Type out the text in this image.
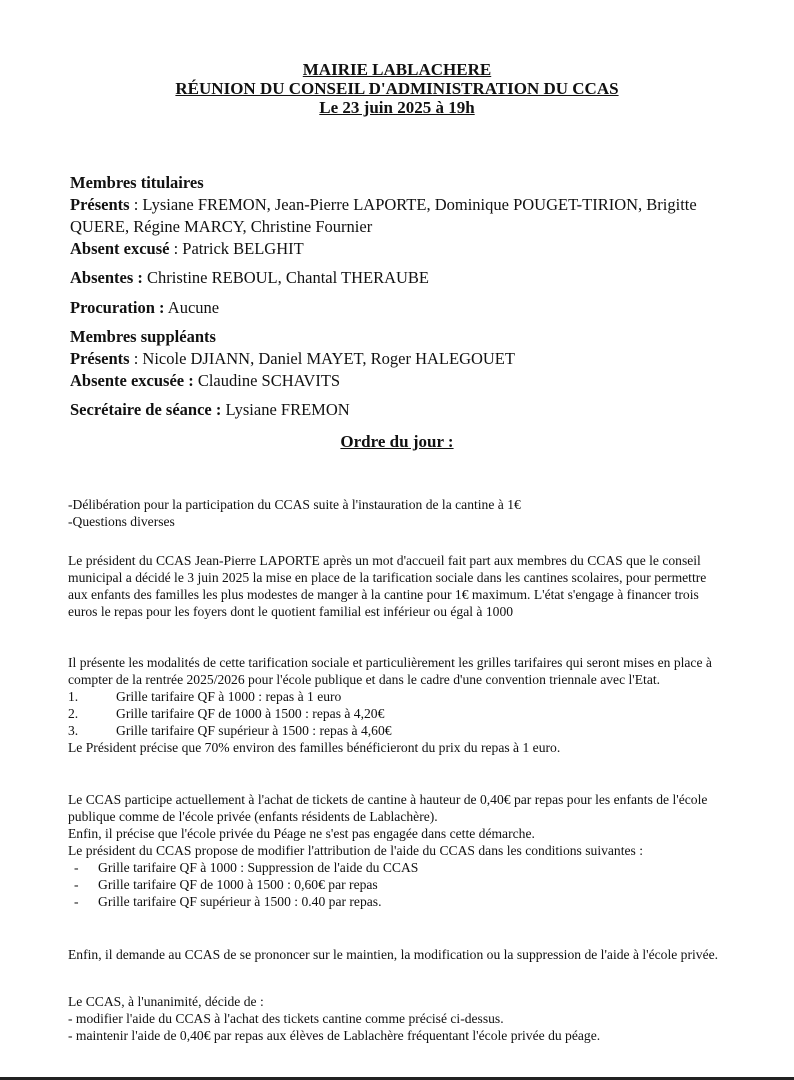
MAIRIE LABLACHERE
RÉUNION DU CONSEIL D'ADMINISTRATION DU CCAS
Le 23 juin 2025 à 19h
Membres titulaires
Présents : Lysiane FREMON, Jean-Pierre LAPORTE, Dominique POUGET-TIRION, Brigitte QUERE, Régine MARCY, Christine Fournier
Absent excusé : Patrick BELGHIT
Absentes : Christine REBOUL, Chantal THERAUBE
Procuration : Aucune
Membres suppléants
Présents : Nicole DJIANN, Daniel MAYET, Roger HALEGOUET
Absente excusée : Claudine SCHAVITS
Secrétaire de séance : Lysiane FREMON
Ordre du jour :

-Délibération pour la participation du CCAS suite à l'instauration de la cantine à 1€

-Questions diverses

Le président du CCAS Jean-Pierre LAPORTE après un mot d'accueil fait part aux membres du CCAS que le conseil municipal a décidé le 3 juin 2025 la mise en place de la tarification sociale dans les cantines scolaires, pour permettre aux enfants des familles les plus modestes de manger à la cantine pour 1€ maximum. L'état s'engage à financer trois euros le repas pour les foyers dont le quotient familial est inférieur ou égal à 1000

Il présente les modalités de cette tarification sociale et particulièrement les grilles tarifaires qui seront mises en place à compter de la rentrée 2025/2026 pour l'école publique et dans le cadre d'une convention triennale avec l'Etat.

1.	Grille tarifaire QF à 1000 : repas à 1 euro
2.	Grille tarifaire QF de 1000 à 1500 : repas à 4,20€
3.	Grille tarifaire QF supérieur à 1500 : repas à 4,60€

Le Président précise que 70% environ des familles bénéficieront du prix du repas à 1 euro.

Le CCAS participe actuellement à l'achat de tickets de cantine à hauteur de 0,40€ par repas pour les enfants de l'école publique comme de l'école privée (enfants résidents de Lablachère).

Enfin, il précise que l'école privée du Péage ne s'est pas engagée dans cette démarche.

Le président du CCAS propose de modifier l'attribution de l'aide du CCAS dans les conditions suivantes :

-	Grille tarifaire QF à 1000 : Suppression de l'aide du CCAS
-	Grille tarifaire QF de 1000 à 1500 : 0,60€ par repas
-	Grille tarifaire QF supérieur à 1500 : 0.40 par repas.

Enfin, il demande au CCAS de se prononcer sur le maintien, la modification ou la suppression de l'aide à l'école privée.

Le CCAS, à l'unanimité, décide de :

- modifier l'aide du CCAS à l'achat des tickets cantine comme précisé ci-dessus.

- maintenir l'aide de 0,40€ par repas aux élèves de Lablachère fréquentant l'école privée du péage.
